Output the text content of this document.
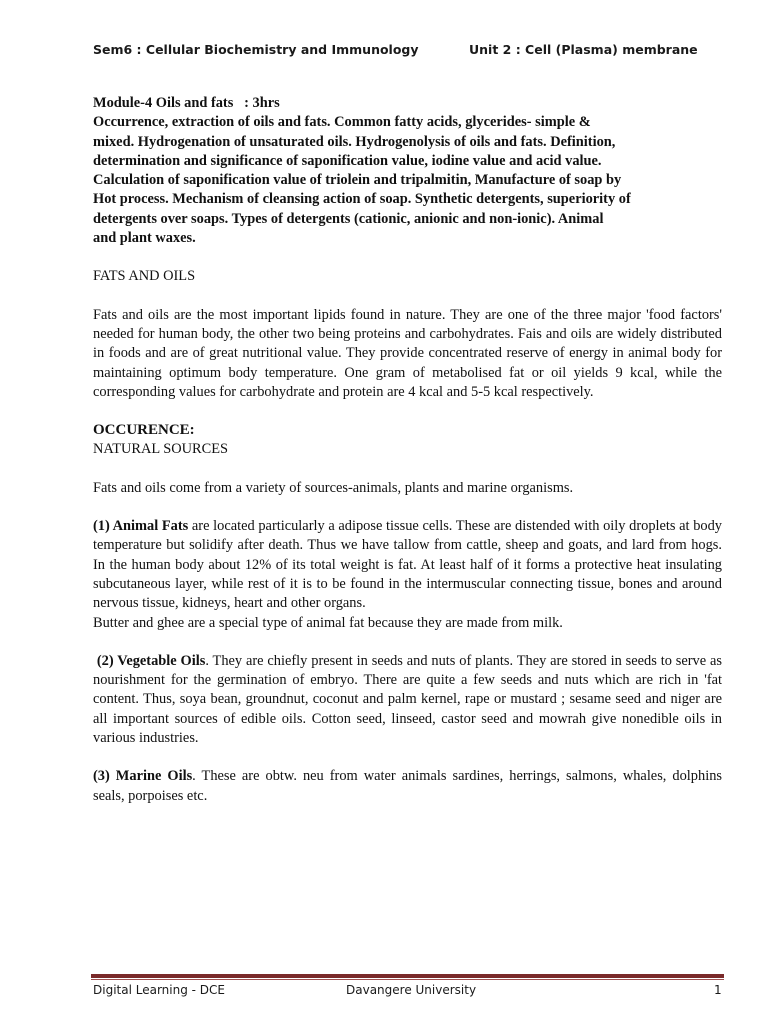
Sem6 : Cellular Biochemistry and Immunology	Unit 2 : Cell (Plasma) membrane

Module-4 Oils and fats   : 3hrs

Occurrence, extraction of oils and fats. Common fatty acids, glycerides- simple &

mixed. Hydrogenation of unsaturated oils. Hydrogenolysis of oils and fats. Definition,

determination and significance of saponification value, iodine value and acid value.

Calculation of saponification value of triolein and tripalmitin, Manufacture of soap by

Hot process. Mechanism of cleansing action of soap. Synthetic detergents, superiority of

detergents over soaps. Types of detergents (cationic, anionic and non-ionic). Animal

and plant waxes.

FATS AND OILS

Fats and oils are the most important lipids found in nature. They are one of the three major 'food factors' needed for human body, the other two being proteins and carbohydrates. Fais and oils are widely distributed in foods and are of great nutritional value. They provide concentrated reserve of energy in animal body for maintaining optimum body temperature. One gram of metabolised fat or oil yields 9 kcal, while the corresponding values for carbohydrate and protein are 4 kcal and 5-5 kcal respectively.

OCCURENCE:

NATURAL SOURCES

Fats and oils come from a variety of sources-animals, plants and marine organisms.

(1) Animal Fats are located particularly a adipose tissue cells. These are distended with oily droplets at body temperature but solidify after death. Thus we have tallow from cattle, sheep and goats, and lard from hogs. In the human body about 12% of its total weight is fat. At least half of it forms a protective heat insulating subcutaneous layer, while rest of it is to be found in the intermuscular connecting tissue, bones and around nervous tissue, kidneys, heart and other organs.

Butter and ghee are a special type of animal fat because they are made from milk.

(2) Vegetable Oils. They are chiefly present in seeds and nuts of plants. They are stored in seeds to serve as nourishment for the germination of embryo. There are quite a few seeds and nuts which are rich in 'fat content. Thus, soya bean, groundnut, coconut and palm kernel, rape or mustard ; sesame seed and niger are all important sources of edible oils. Cotton seed, linseed, castor seed and mowrah give nonedible oils in various industries.

(3) Marine Oils. These are obtw. neu from water animals sardines, herrings, salmons, whales, dolphins seals, porpoises etc.

Digital Learning - DCE	Davangere University	1
